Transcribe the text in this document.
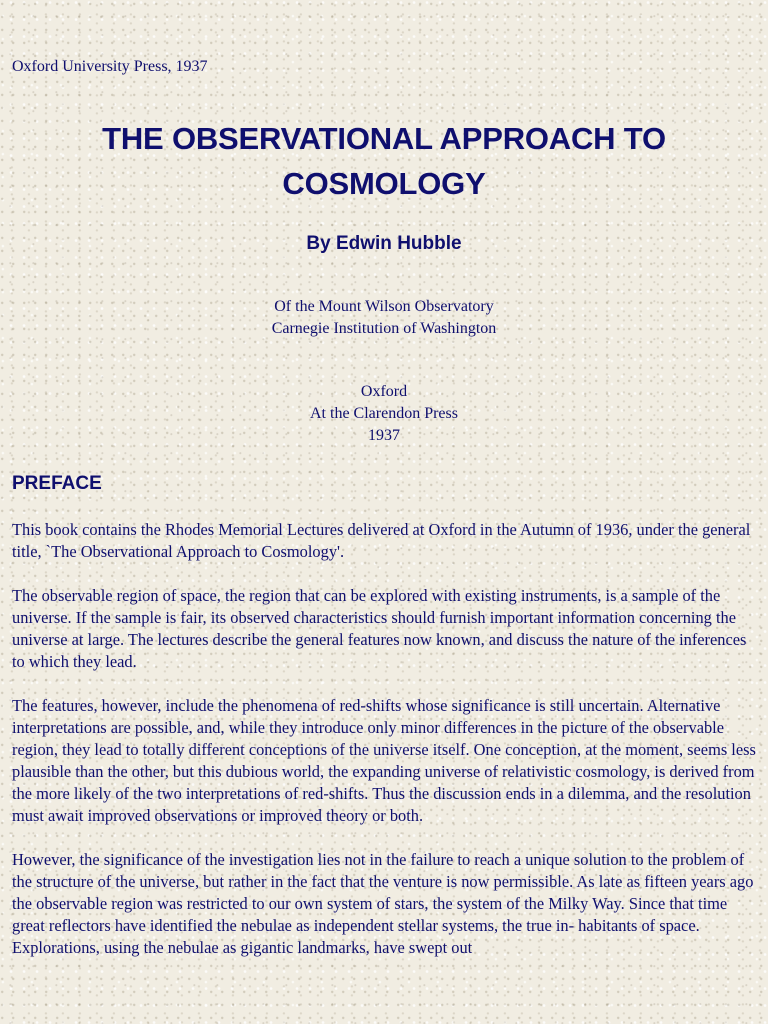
Oxford University Press, 1937

THE OBSERVATIONAL APPROACH TO
COSMOLOGY
By Edwin Hubble

Of the Mount Wilson Observatory
Carnegie Institution of Washington

Oxford
At the Clarendon Press
1937

PREFACE

This book contains the Rhodes Memorial Lectures delivered at Oxford in the Autumn of 1936, under the general title, `The Observational Approach to Cosmology'.

The observable region of space, the region that can be explored with existing instruments, is a sample of the universe. If the sample is fair, its observed characteristics should furnish important information concerning the universe at large. The lectures describe the general features now known, and discuss the nature of the inferences to which they lead.

The features, however, include the phenomena of red-shifts whose significance is still uncertain. Alternative interpretations are possible, and, while they introduce only minor differences in the picture of the observable region, they lead to totally different conceptions of the universe itself. One conception, at the moment, seems less plausible than the other, but this dubious world, the expanding universe of relativistic cosmology, is derived from the more likely of the two interpretations of red-shifts. Thus the discussion ends in a dilemma, and the resolution must await improved observations or improved theory or both.

However, the significance of the investigation lies not in the failure to reach a unique solution to the problem of the structure of the universe, but rather in the fact that the venture is now permissible. As late as fifteen years ago the observable region was restricted to our own system of stars, the system of the Milky Way. Since that time great reflectors have identified the nebulae as independent stellar systems, the true in- habitants of space. Explorations, using the nebulae as gigantic landmarks, have swept out
